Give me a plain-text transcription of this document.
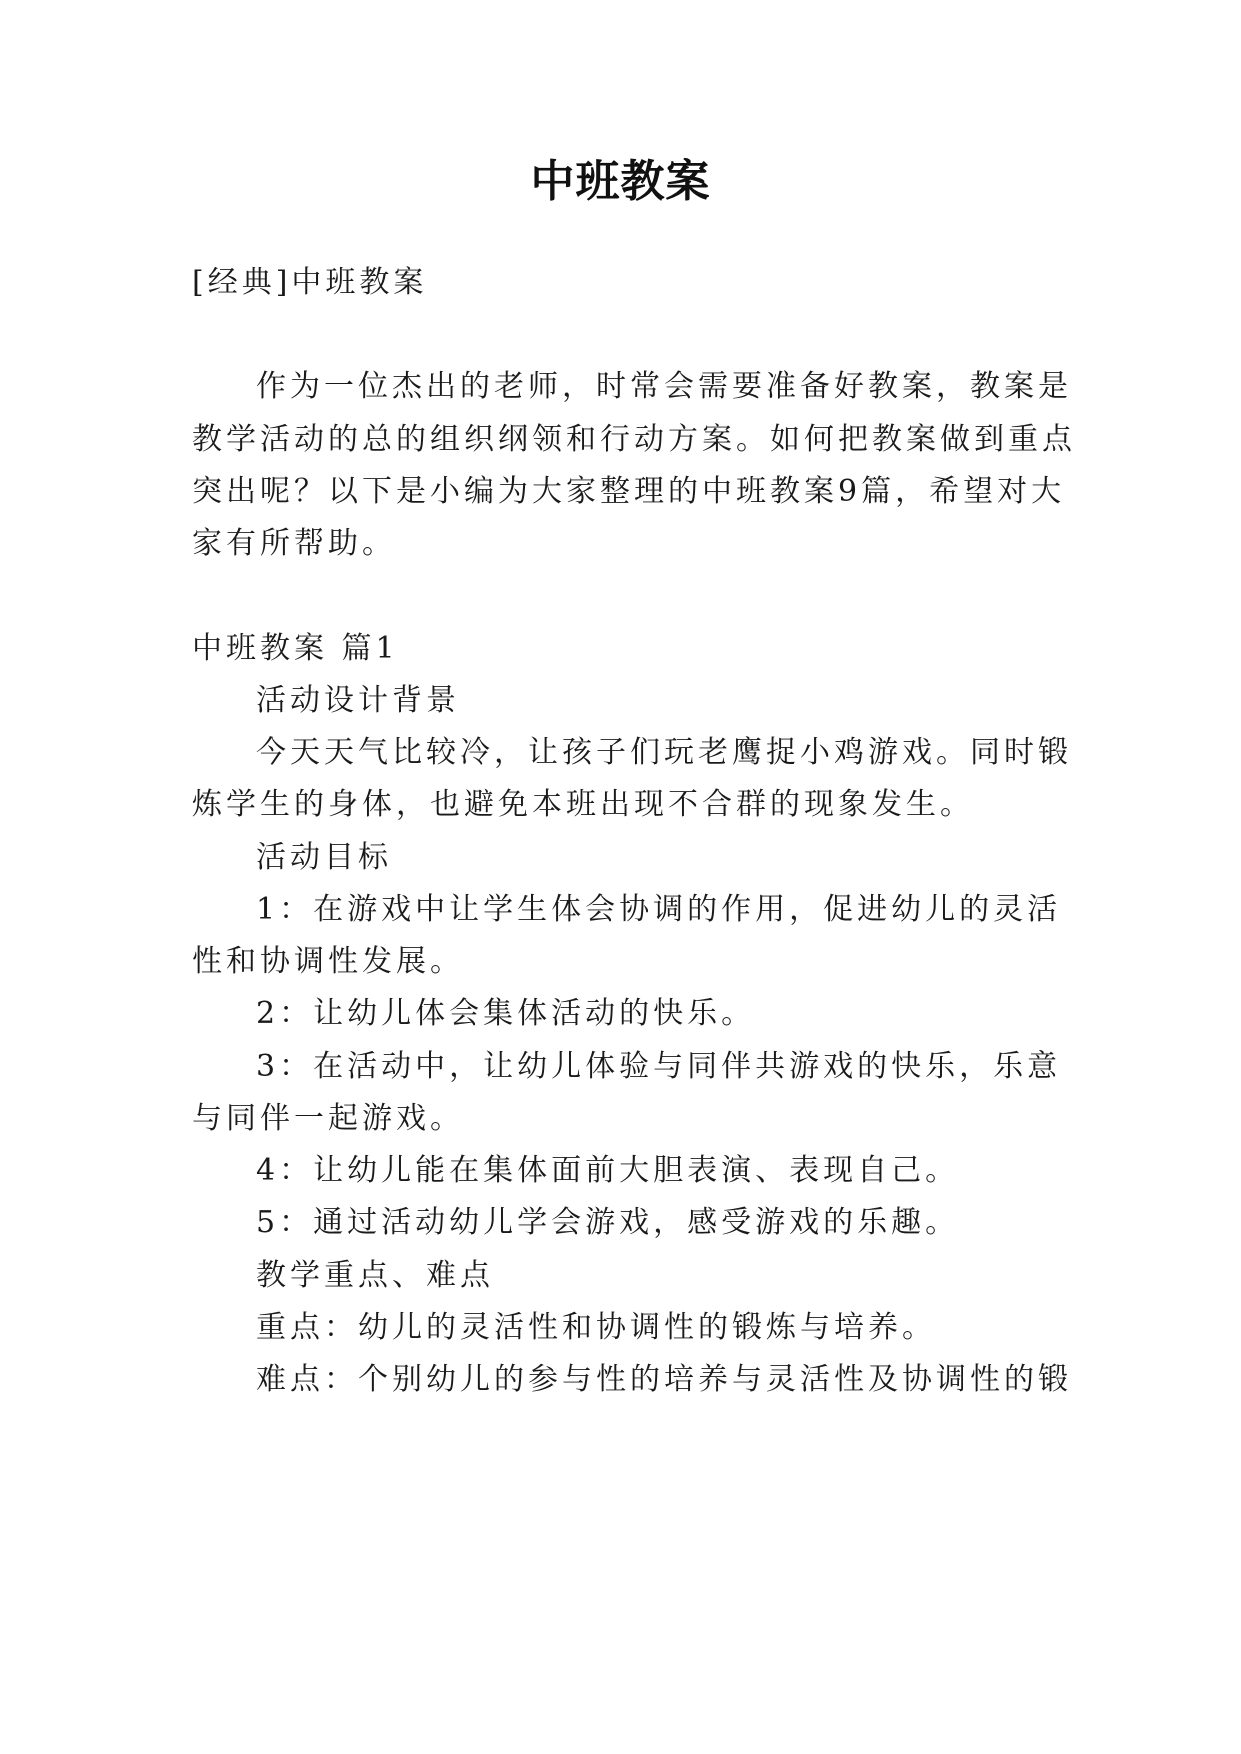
中班教案
[经典]中班教案
作为一位杰出的老师，时常会需要准备好教案，教案是
教学活动的总的组织纲领和行动方案。如何把教案做到重点
突出呢？以下是小编为大家整理的中班教案9篇，希望对大
家有所帮助。
中班教案 篇1
活动设计背景
今天天气比较冷，让孩子们玩老鹰捉小鸡游戏。同时锻
炼学生的身体，也避免本班出现不合群的现象发生。
活动目标
1：在游戏中让学生体会协调的作用，促进幼儿的灵活
性和协调性发展。
2：让幼儿体会集体活动的快乐。
3：在活动中，让幼儿体验与同伴共游戏的快乐，乐意
与同伴一起游戏。
4：让幼儿能在集体面前大胆表演、表现自己。
5：通过活动幼儿学会游戏，感受游戏的乐趣。
教学重点、难点
重点：幼儿的灵活性和协调性的锻炼与培养。
难点：个别幼儿的参与性的培养与灵活性及协调性的锻
